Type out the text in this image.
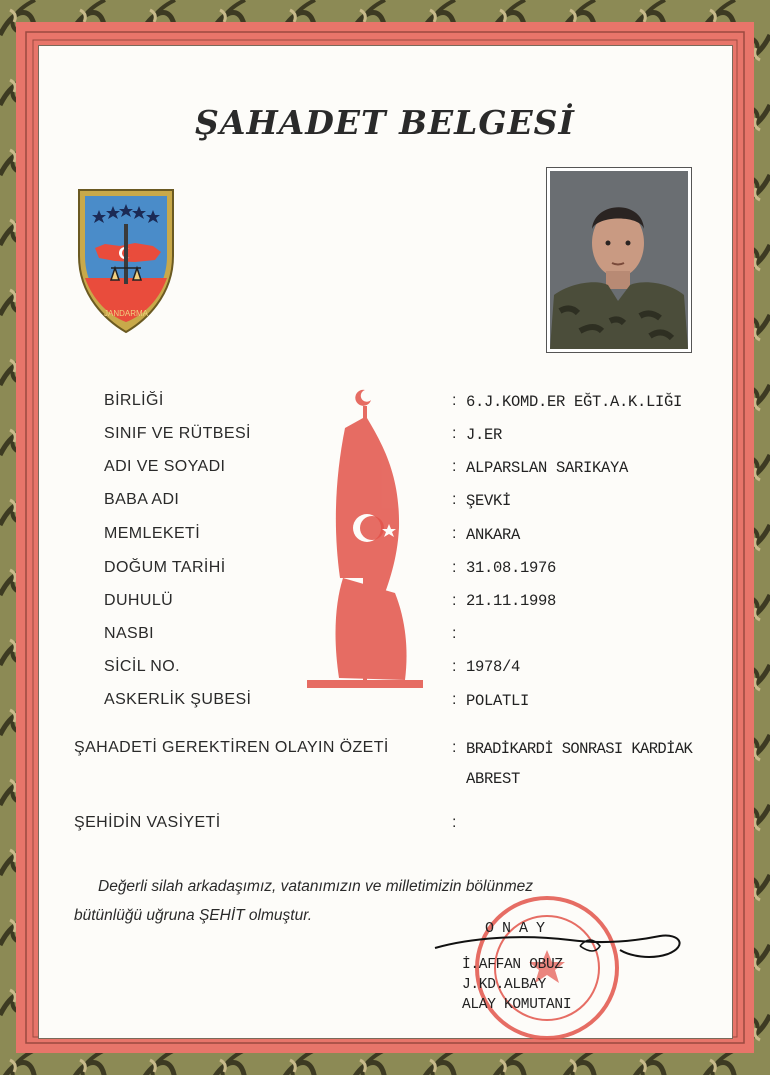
ŞAHADET BELGESİ
JANDARMA
BİRLİĞİ	: 6.J.KOMD.ER EĞT.A.K.LIĞI
SINIF VE RÜTBESİ	: J.ER
ADI VE SOYADI	: ALPARSLAN SARIKAYA
BABA ADI	: ŞEVKİ
MEMLEKETİ	: ANKARA
DOĞUM TARİHİ	: 31.08.1976
DUHULÜ	: 21.11.1998
NASBI	:
SİCİL NO.	: 1978/4
ASKERLİK ŞUBESİ	: POLATLI
ŞAHADETİ GEREKTİREN OLAYIN ÖZETİ	: BRADİKARDİ SONRASI KARDİAK
ABREST
ŞEHİDİN VASİYETİ	:
Değerli silah arkadaşımız, vatanımızın ve milletimizin bölünmez
bütünlüğü uğruna ŞEHİT olmuştur.
ONAY
İ.AFFAN OBUZ
J.KD.ALBAY
ALAY KOMUTANI
